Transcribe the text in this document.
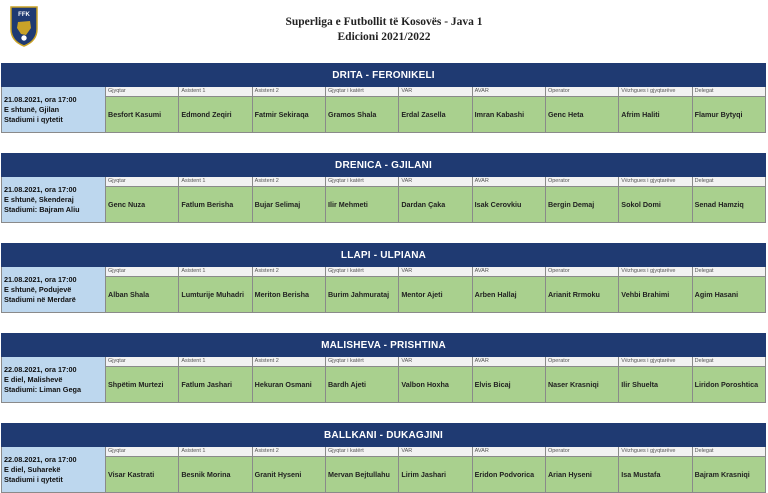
FFK
Superliga e Futbollit të Kosovës - Java 1
Edicioni 2021/2022
DRITA - FERONIKELI
21.08.2021, ora 17:00
E shtunë, Gjilan
Stadiumi i qytetit
Gjyqtar
Besfort Kasumi
Asistent 1
Edmond Zeqiri
Asistent 2
Fatmir Sekiraqa
Gjyqtar i katërt
Gramos Shala
VAR
Erdal Zasella
AVAR
Imran Kabashi
Operator
Genc Heta
Vëzhgues i gjyqtarëve
Afrim Haliti
Delegat
Flamur Bytyqi
DRENICA - GJILANI
21.08.2021, ora 17:00
E shtunë, Skenderaj
Stadiumi: Bajram Aliu
Gjyqtar
Genc Nuza
Asistent 1
Fatlum Berisha
Asistent 2
Bujar Selimaj
Gjyqtar i katërt
Ilir Mehmeti
VAR
Dardan Çaka
AVAR
Isak Cerovkiu
Operator
Bergin Demaj
Vëzhgues i gjyqtarëve
Sokol Domi
Delegat
Senad Hamziq
LLAPI - ULPIANA
21.08.2021, ora 17:00
E shtunë, Podujevë
Stadiumi në Merdarë
Gjyqtar
Alban Shala
Asistent 1
Lumturije Muhadri
Asistent 2
Meriton Berisha
Gjyqtar i katërt
Burim Jahmurataj
VAR
Mentor Ajeti
AVAR
Arben Hallaj
Operator
Arianit Rrmoku
Vëzhgues i gjyqtarëve
Vehbi Brahimi
Delegat
Agim Hasani
MALISHEVA - PRISHTINA
22.08.2021, ora 17:00
E diel, Malishevë
Stadiumi: Liman Gega
Gjyqtar
Shpëtim Murtezi
Asistent 1
Fatlum Jashari
Asistent 2
Hekuran Osmani
Gjyqtar i katërt
Bardh Ajeti
VAR
Valbon Hoxha
AVAR
Elvis Bicaj
Operator
Naser Krasniqi
Vëzhgues i gjyqtarëve
Ilir Shuelta
Delegat
Liridon Poroshtica
BALLKANI - DUKAGJINI
22.08.2021, ora 17:00
E diel, Suharekë
Stadiumi i qytetit
Gjyqtar
Visar Kastrati
Asistent 1
Besnik Morina
Asistent 2
Granit Hyseni
Gjyqtar i katërt
Mervan Bejtullahu
VAR
Lirim Jashari
AVAR
Eridon Podvorica
Operator
Arian Hyseni
Vëzhgues i gjyqtarëve
Isa Mustafa
Delegat
Bajram Krasniqi
